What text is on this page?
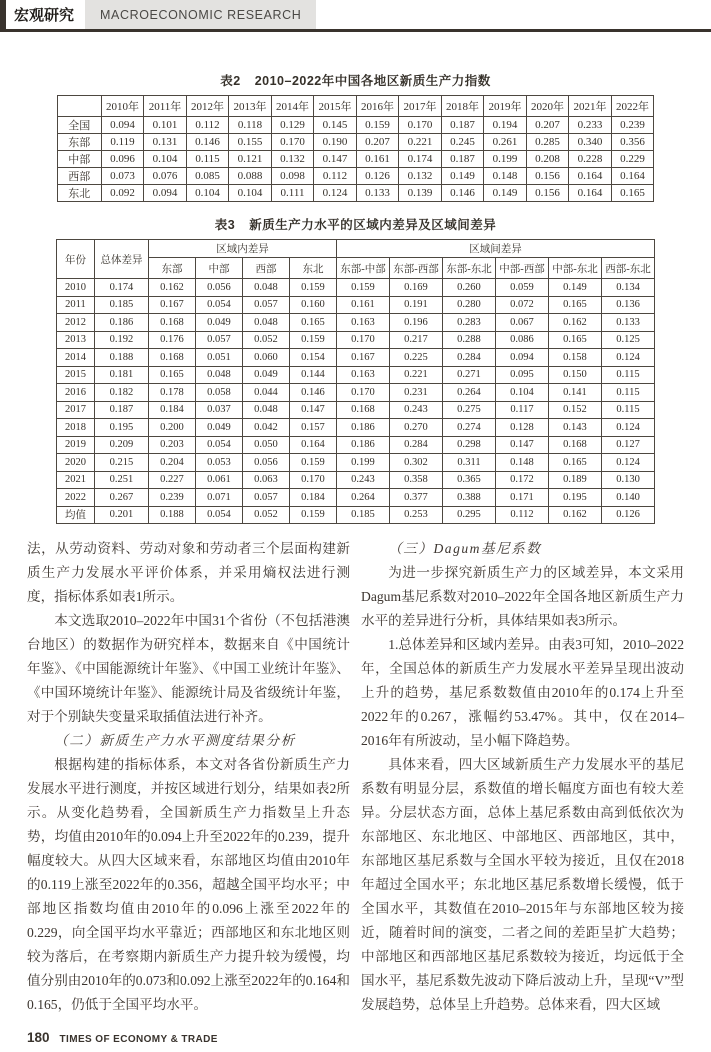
宏观研究	MACROECONOMIC RESEARCH
表2 2010–2022年中国各地区新质生产力指数
	2010年	2011年	2012年	2013年	2014年	2015年	2016年	2017年	2018年	2019年	2020年	2021年	2022年
全国	0.094	0.101	0.112	0.118	0.129	0.145	0.159	0.170	0.187	0.194	0.207	0.233	0.239
东部	0.119	0.131	0.146	0.155	0.170	0.190	0.207	0.221	0.245	0.261	0.285	0.340	0.356
中部	0.096	0.104	0.115	0.121	0.132	0.147	0.161	0.174	0.187	0.199	0.208	0.228	0.229
西部	0.073	0.076	0.085	0.088	0.098	0.112	0.126	0.132	0.149	0.148	0.156	0.164	0.164
东北	0.092	0.094	0.104	0.104	0.111	0.124	0.133	0.139	0.146	0.149	0.156	0.164	0.165
表3 新质生产力水平的区域内差异及区域间差异
年份	总体差异	区域内差异				区域间差异					
		东部	中部	西部	东北	东部-中部	东部-西部	东部-东北	中部-西部	中部-东北	西部-东北
2010	0.174	0.162	0.056	0.048	0.159	0.159	0.169	0.260	0.059	0.149	0.134
2011	0.185	0.167	0.054	0.057	0.160	0.161	0.191	0.280	0.072	0.165	0.136
2012	0.186	0.168	0.049	0.048	0.165	0.163	0.196	0.283	0.067	0.162	0.133
2013	0.192	0.176	0.057	0.052	0.159	0.170	0.217	0.288	0.086	0.165	0.125
2014	0.188	0.168	0.051	0.060	0.154	0.167	0.225	0.284	0.094	0.158	0.124
2015	0.181	0.165	0.048	0.049	0.144	0.163	0.221	0.271	0.095	0.150	0.115
2016	0.182	0.178	0.058	0.044	0.146	0.170	0.231	0.264	0.104	0.141	0.115
2017	0.187	0.184	0.037	0.048	0.147	0.168	0.243	0.275	0.117	0.152	0.115
2018	0.195	0.200	0.049	0.042	0.157	0.186	0.270	0.274	0.128	0.143	0.124
2019	0.209	0.203	0.054	0.050	0.164	0.186	0.284	0.298	0.147	0.168	0.127
2020	0.215	0.204	0.053	0.056	0.159	0.199	0.302	0.311	0.148	0.165	0.124
2021	0.251	0.227	0.061	0.063	0.170	0.243	0.358	0.365	0.172	0.189	0.130
2022	0.267	0.239	0.071	0.057	0.184	0.264	0.377	0.388	0.171	0.195	0.140
均值	0.201	0.188	0.054	0.052	0.159	0.185	0.253	0.295	0.112	0.162	0.126

法，从劳动资料、劳动对象和劳动者三个层面构建新质生产力发展水平评价体系，并采用熵权法进行测度，指标体系如表1所示。

本文选取2010–2022年中国31个省份（不包括港澳台地区）的数据作为研究样本，数据来自《中国统计年鉴》、《中国能源统计年鉴》、《中国工业统计年鉴》、《中国环境统计年鉴》、能源统计局及省级统计年鉴，对于个别缺失变量采取插值法进行补齐。

（二）新质生产力水平测度结果分析

根据构建的指标体系，本文对各省份新质生产力发展水平进行测度，并按区域进行划分，结果如表2所示。从变化趋势看，全国新质生产力指数呈上升态势，均值由2010年的0.094上升至2022年的0.239，提升幅度较大。从四大区域来看，东部地区均值由2010年的0.119上涨至2022年的0.356，超越全国平均水平；中部地区指数均值由2010年的0.096上涨至2022年的0.229，向全国平均水平靠近；西部地区和东北地区则较为落后，在考察期内新质生产力提升较为缓慢，均值分别由2010年的0.073和0.092上涨至2022年的0.164和0.165，仍低于全国平均水平。

（三）Dagum基尼系数

为进一步探究新质生产力的区域差异，本文采用Dagum基尼系数对2010–2022年全国各地区新质生产力水平的差异进行分析，具体结果如表3所示。

1.总体差异和区域内差异。由表3可知，2010–2022年，全国总体的新质生产力发展水平差异呈现出波动上升的趋势，基尼系数数值由2010年的0.174上升至2022年的0.267，涨幅约53.47%。其中，仅在2014–2016年有所波动，呈小幅下降趋势。

具体来看，四大区域新质生产力发展水平的基尼系数有明显分层，系数值的增长幅度方面也有较大差异。分层状态方面，总体上基尼系数由高到低依次为东部地区、东北地区、中部地区、西部地区，其中，东部地区基尼系数与全国水平较为接近，且仅在2018年超过全国水平；东北地区基尼系数增长缓慢，低于全国水平，其数值在2010–2015年与东部地区较为接近，随着时间的演变，二者之间的差距呈扩大趋势；中部地区和西部地区基尼系数较为接近，均远低于全国水平，基尼系数先波动下降后波动上升，呈现“V”型发展趋势，总体呈上升趋势。总体来看，四大区域

180 TIMES OF ECONOMY & TRADE
